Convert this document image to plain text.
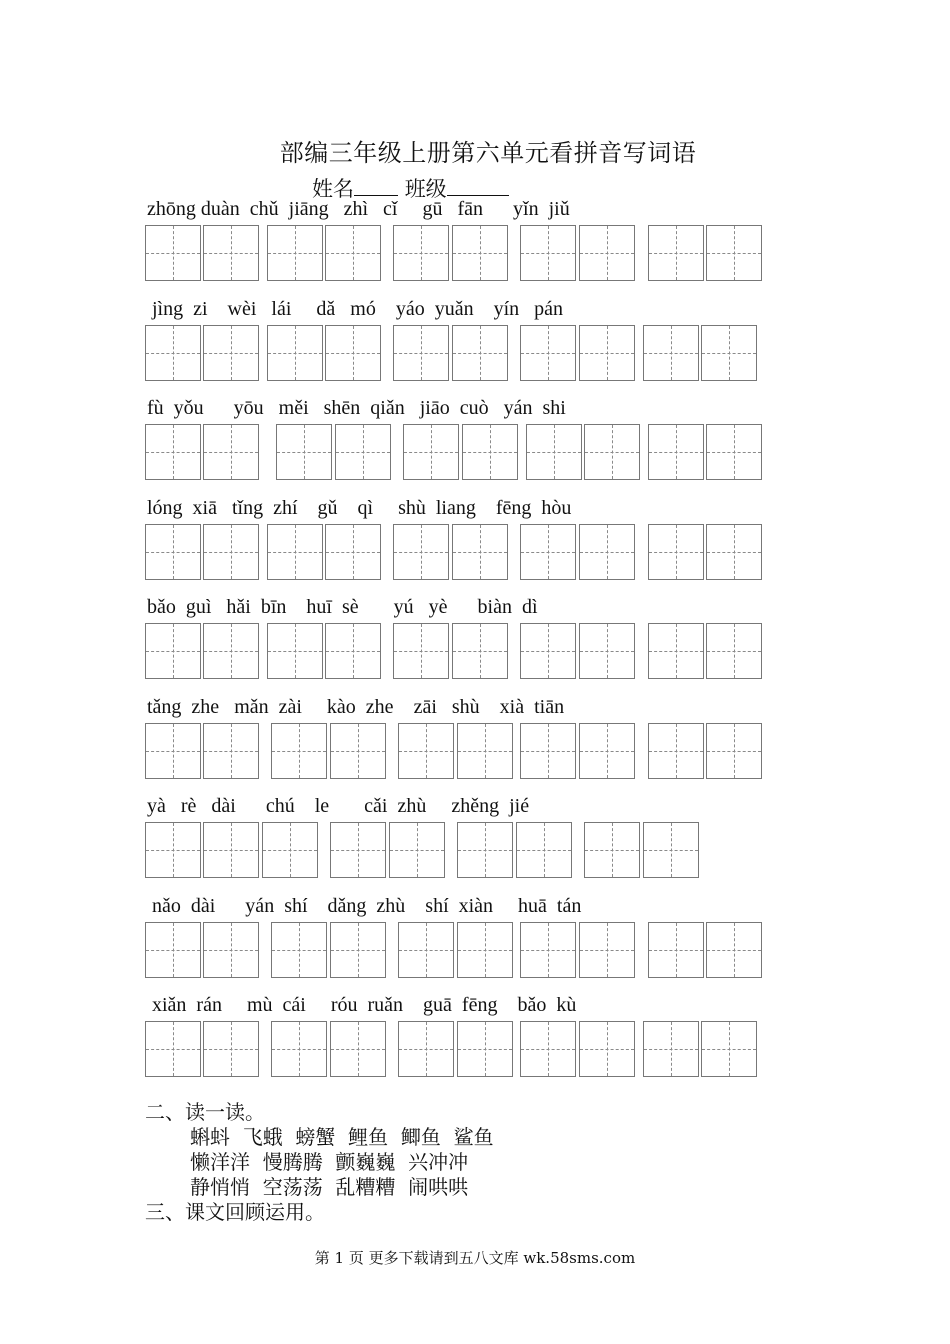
部编三年级上册第六单元看拼音写词语
姓名 班级
zhōng duàn  chǔ  jiāng   zhì   cǐ     gū   fān      yǐn  jiǔ
jìng  zi    wèi   lái     dǎ   mó    yáo  yuǎn    yín   pán
fù  yǒu      yōu   měi   shēn  qiǎn   jiāo  cuò   yán  shi
lóng  xiā   tǐng  zhí    gǔ    qì     shù  liang    fēng  hòu
bǎo  guì   hǎi  bīn    huī  sè       yú   yè      biàn  dì
tǎng  zhe   mǎn  zài     kào  zhe    zāi   shù    xià  tiān
yà   rè   dài      chú    le       cǎi  zhù     zhěng  jié
nǎo  dài      yán  shí    dǎng  zhù    shí  xiàn     huā  tán
xiǎn  rán     mù  cái     róu  ruǎn    guā  fēng    bǎo  kù
二、读一读。
蝌蚪  飞蛾  螃蟹  鲤鱼  鲫鱼  鲨鱼
懒洋洋  慢腾腾  颤巍巍  兴冲冲
静悄悄  空荡荡  乱糟糟  闹哄哄
三、课文回顾运用。
第 1 页 更多下载请到五八文库 wk.58sms.com
